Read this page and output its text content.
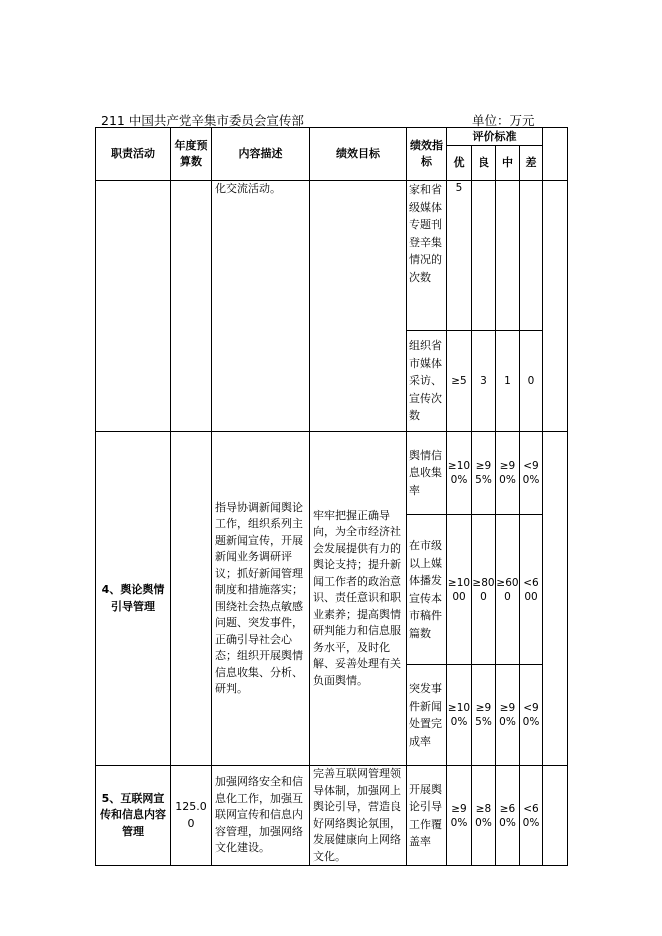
211 中国共产党辛集市委员会宣传部	单位：万元
职责活动	年度预算数	内容描述	绩效目标	绩效指标	评价标准				
					优	良	中	差	
		化交流活动。		家和省级媒体专题刊登辛集情况的次数	5				
				组织省市媒体采访、宣传次数	≥5	3	1	0	
4、舆论舆情引导管理		指导协调新闻舆论工作，组织系列主题新闻宣传，开展新闻业务调研评议；抓好新闻管理制度和措施落实；围绕社会热点敏感问题、突发事件，正确引导社会心态；组织开展舆情信息收集、分析、研判。	牢牢把握正确导向，为全市经济社会发展提供有力的舆论支持；提升新闻工作者的政治意识、责任意识和职业素养；提高舆情研判能力和信息服务水平，及时化解、妥善处理有关负面舆情。	舆情信息收集率	≥100%	≥95%	≥90%	<90%	
				在市级以上媒体播发宣传本市稿件篇数	≥1000	≥800	≥600	<600	
				突发事件新闻处置完成率	≥100%	≥95%	≥90%	<90%	
5、互联网宣传和信息内容管理	125.00	加强网络安全和信息化工作，加强互联网宣传和信息内容管理，加强网络文化建设。	完善互联网管理领导体制，加强网上舆论引导，营造良好网络舆论氛围，发展健康向上网络文化。	开展舆论引导工作覆盖率	≥90%	≥80%	≥60%	<60%	
